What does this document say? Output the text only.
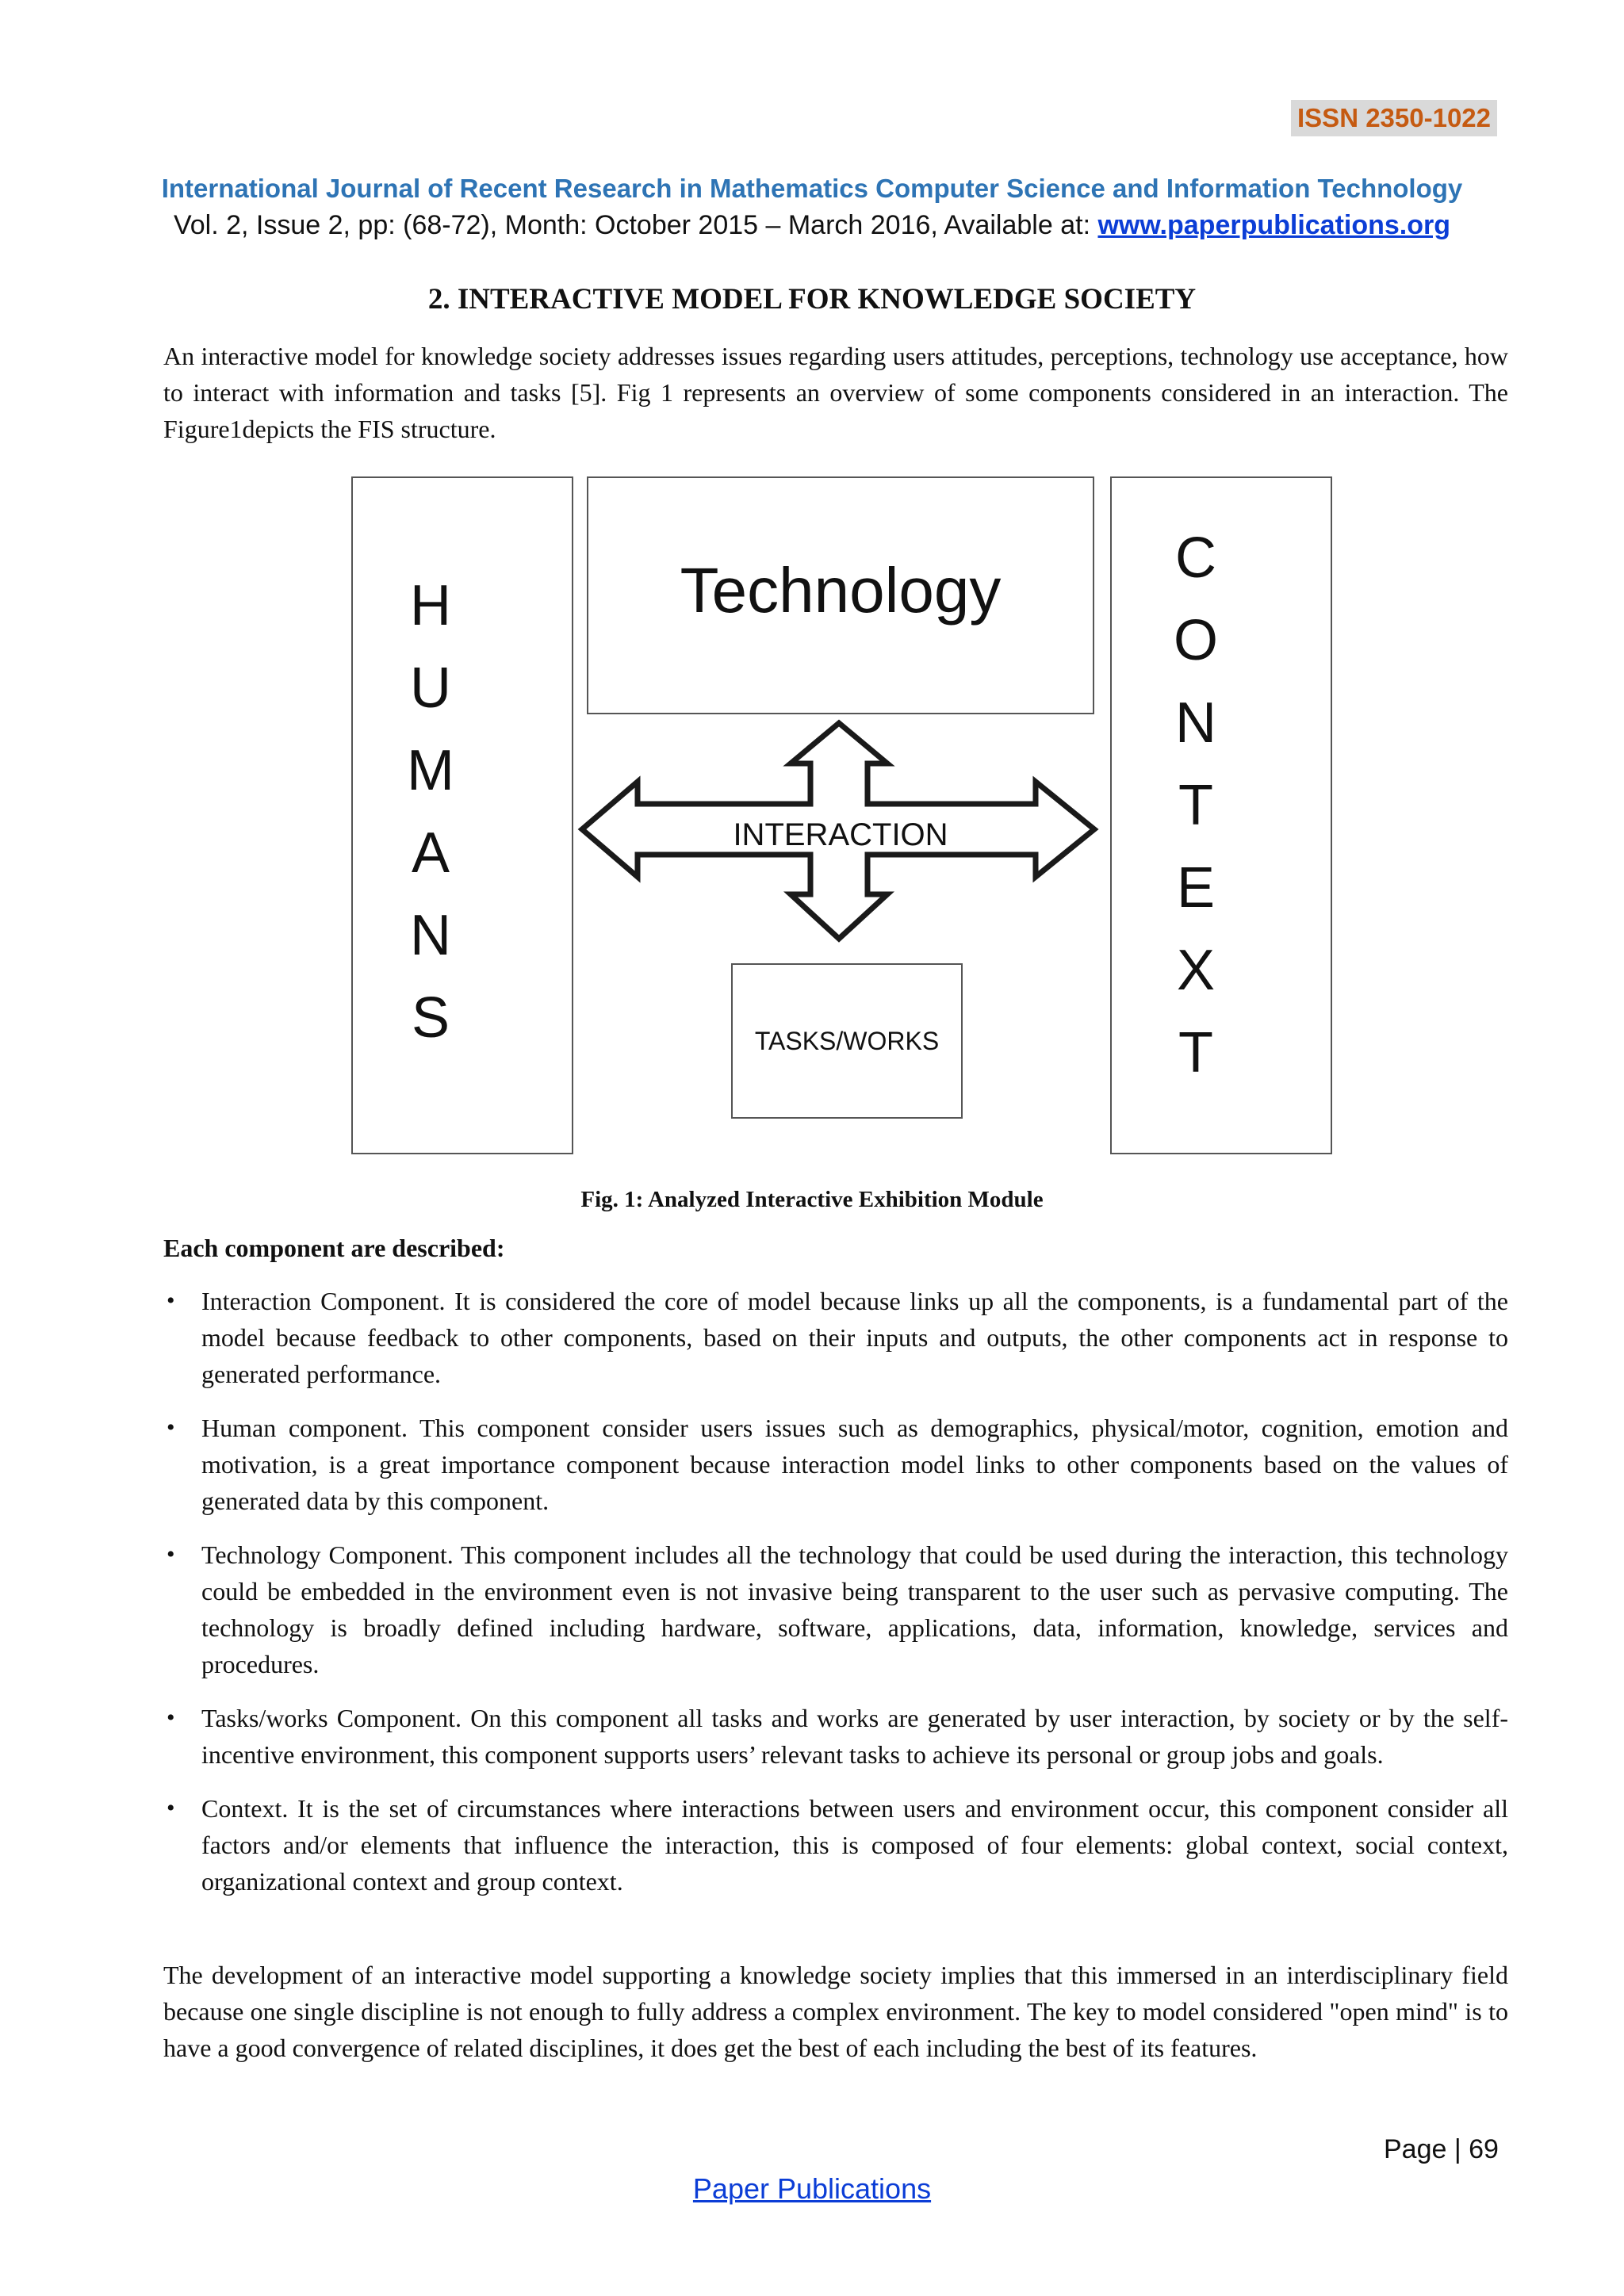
ISSN 2350-1022
International Journal of Recent Research in Mathematics Computer Science and Information Technology
Vol. 2, Issue 2, pp: (68-72), Month: October 2015 – March 2016, Available at: www.paperpublications.org
2. INTERACTIVE MODEL FOR KNOWLEDGE SOCIETY

An interactive model for knowledge society addresses issues regarding users attitudes, perceptions, technology use acceptance, how to interact with information and tasks [5]. Fig 1 represents an overview of some components considered in an interaction. The Figure1depicts the FIS structure.

H
U
M
A
N
S
Technology
INTERACTION
TASKS/WORKS
C
O
N
T
E
X
T
Fig. 1: Analyzed Interactive Exhibition Module
Each component are described:
• Interaction Component. It is considered the core of model because links up all the components, is a fundamental part of the model because feedback to other components, based on their inputs and outputs, the other components act in response to generated performance.
• Human component. This component consider users issues such as demographics, physical/motor, cognition, emotion and motivation, is a great importance component because interaction model links to other components based on the values of generated data by this component.
• Technology Component. This component includes all the technology that could be used during the interaction, this technology could be embedded in the environment even is not invasive being transparent to the user such as pervasive computing. The technology is broadly defined including hardware, software, applications, data, information, knowledge, services and procedures.
• Tasks/works Component. On this component all tasks and works are generated by user interaction, by society or by the self-incentive environment, this component supports users’ relevant tasks to achieve its personal or group jobs and goals.
• Context. It is the set of circumstances where interactions between users and environment occur, this component consider all factors and/or elements that influence the interaction, this is composed of four elements: global context, social context, organizational context and group context.

The development of an interactive model supporting a knowledge society implies that this immersed in an interdisciplinary field because one single discipline is not enough to fully address a complex environment. The key to model considered "open mind" is to have a good convergence of related disciplines, it does get the best of each including the best of its features.

Page | 69
Paper Publications
